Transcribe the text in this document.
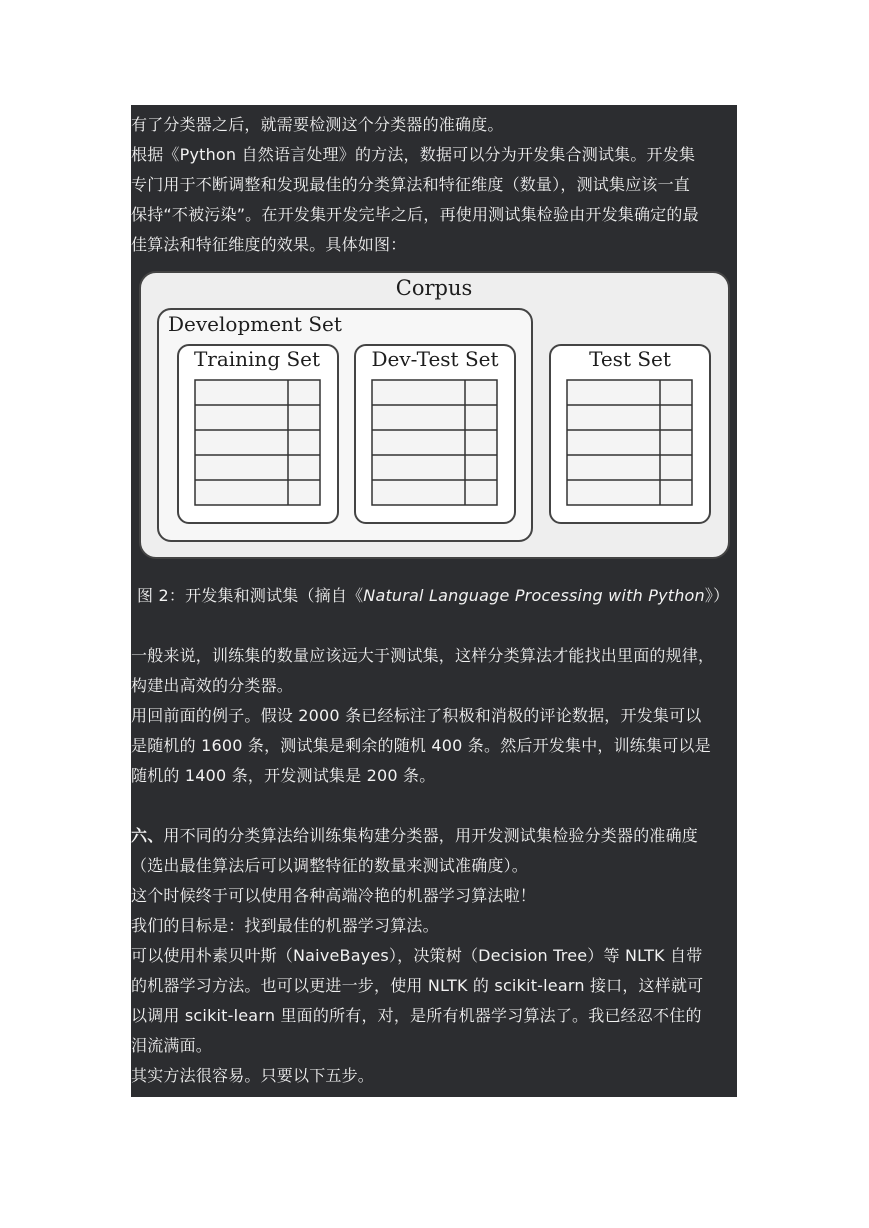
有了分类器之后，就需要检测这个分类器的准确度。
根据《Python 自然语言处理》的方法，数据可以分为开发集合测试集。开发集
专门用于不断调整和发现最佳的分类算法和特征维度（数量），测试集应该一直
保持“不被污染”。在开发集开发完毕之后，再使用测试集检验由开发集确定的最
佳算法和特征维度的效果。具体如图：
Corpus
Development Set
Training Set	Dev-Test Set	Test Set
图 2：开发集和测试集（摘自《Natural Language Processing with Python》）
一般来说，训练集的数量应该远大于测试集，这样分类算法才能找出里面的规律，
构建出高效的分类器。
用回前面的例子。假设 2000 条已经标注了积极和消极的评论数据，开发集可以
是随机的 1600 条，测试集是剩余的随机 400 条。然后开发集中，训练集可以是
随机的 1400 条，开发测试集是 200 条。
六、用不同的分类算法给训练集构建分类器，用开发测试集检验分类器的准确度
（选出最佳算法后可以调整特征的数量来测试准确度）。
这个时候终于可以使用各种高端冷艳的机器学习算法啦！
我们的目标是：找到最佳的机器学习算法。
可以使用朴素贝叶斯（NaiveBayes），决策树（Decision Tree）等 NLTK 自带
的机器学习方法。也可以更进一步，使用 NLTK 的 scikit-learn 接口，这样就可
以调用 scikit-learn 里面的所有，对，是所有机器学习算法了。我已经忍不住的
泪流满面。
其实方法很容易。只要以下五步。
